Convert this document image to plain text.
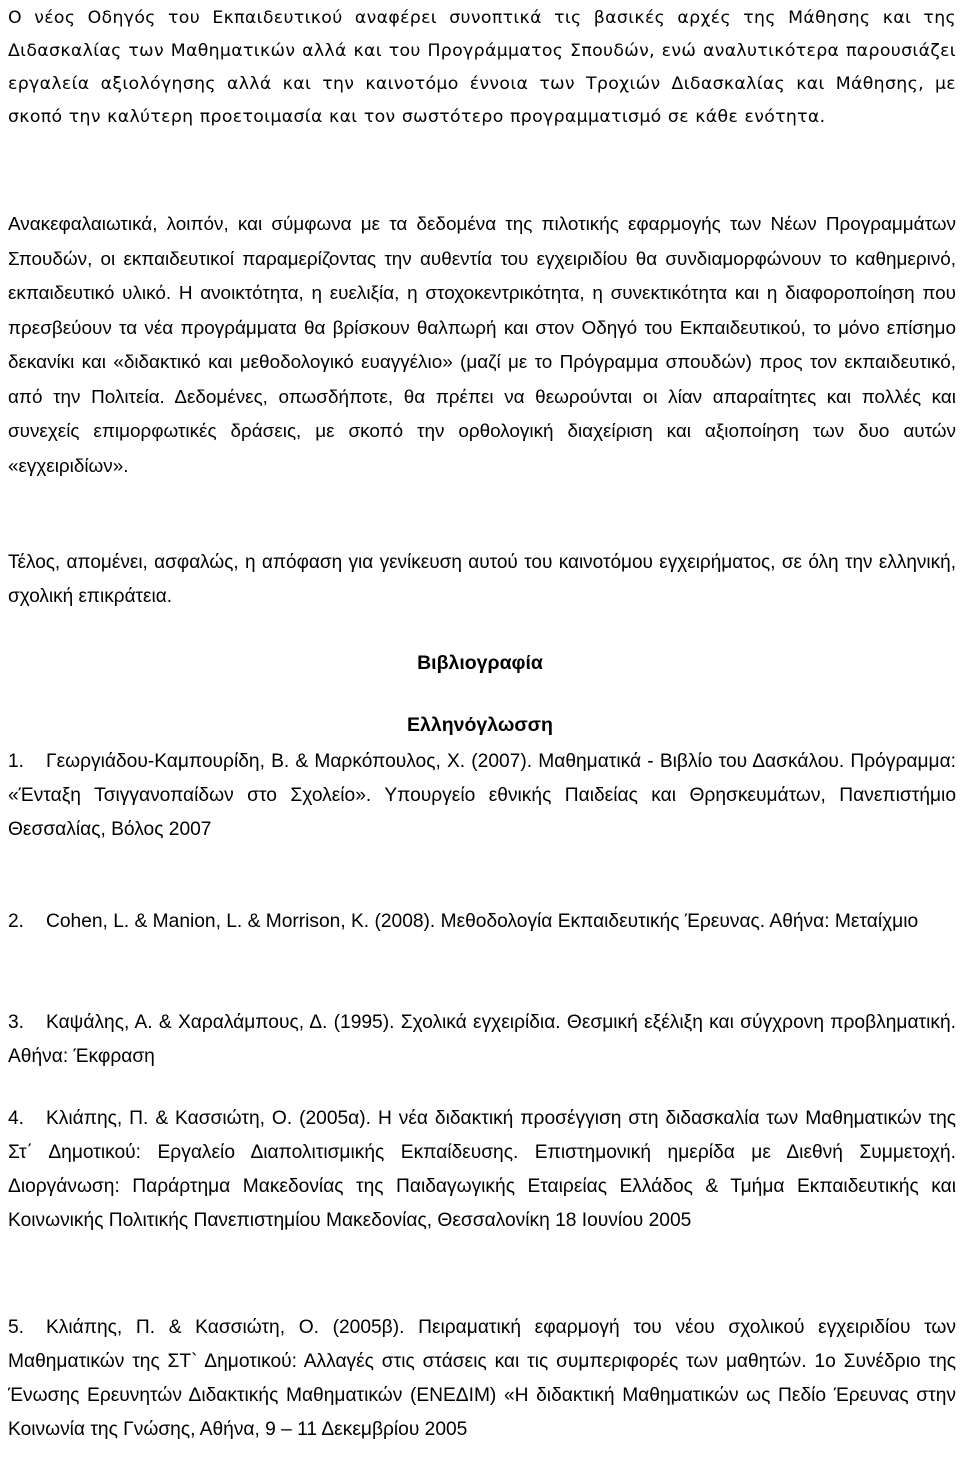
Ο νέος Οδηγός του Εκπαιδευτικού αναφέρει συνοπτικά τις βασικές αρχές της Μάθησης και της Διδασκαλίας των Μαθηματικών αλλά και του Προγράμματος Σπουδών, ενώ αναλυτικότερα παρουσιάζει εργαλεία αξιολόγησης αλλά και την καινοτόμο έννοια των Τροχιών Διδασκαλίας και Μάθησης, με σκοπό την καλύτερη προετοιμασία και τον σωστότερο προγραμματισμό σε κάθε ενότητα.

Ανακεφαλαιωτικά, λοιπόν, και σύμφωνα με τα δεδομένα της πιλοτικής εφαρμογής των Νέων Προγραμμάτων Σπουδών, οι εκπαιδευτικοί παραμερίζοντας την αυθεντία του εγχειριδίου θα συνδιαμορφώνουν το καθημερινό, εκπαιδευτικό υλικό. Η ανοικτότητα, η ευελιξία, η στοχοκεντρικότητα, η συνεκτικότητα και η διαφοροποίηση που πρεσβεύουν τα νέα προγράμματα θα βρίσκουν θαλπωρή και στον Οδηγό του Εκπαιδευτικού, το μόνο επίσημο δεκανίκι και «διδακτικό και μεθοδολογικό ευαγγέλιο» (μαζί με το Πρόγραμμα σπουδών) προς τον εκπαιδευτικό, από την Πολιτεία. Δεδομένες, οπωσδήποτε, θα πρέπει να θεωρούνται οι λίαν απαραίτητες και πολλές και συνεχείς επιμορφωτικές δράσεις, με σκοπό την ορθολογική διαχείριση και αξιοποίηση των δυο αυτών «εγχειριδίων».

Τέλος, απομένει, ασφαλώς, η απόφαση για γενίκευση αυτού του καινοτόμου εγχειρήματος, σε όλη την ελληνική, σχολική επικράτεια.

Βιβλιογραφία
Ελληνόγλωσση
1.	Γεωργιάδου-Καμπουρίδη, Β. & Μαρκόπουλος, Χ. (2007). Μαθηματικά - Βιβλίο του Δασκάλου. Πρόγραμμα: «Ένταξη Τσιγγανοπαίδων στο Σχολείο». Υπουργείο εθνικής Παιδείας και Θρησκευμάτων, Πανεπιστήμιο Θεσσαλίας, Βόλος 2007
2.	Cohen, L. & Manion, L. & Morrison, K. (2008). Μεθοδολογία Εκπαιδευτικής Έρευνας. Αθήνα: Μεταίχμιο
3.	Καψάλης, Α. & Χαραλάμπους, Δ. (1995). Σχολικά εγχειρίδια. Θεσμική εξέλιξη και σύγχρονη προβληματική. Αθήνα: Έκφραση
4.	Κλιάπης, Π. & Κασσιώτη, Ο. (2005α). Η νέα διδακτική προσέγγιση στη διδασκαλία των Μαθηματικών της Στ΄ Δημοτικού: Εργαλείο Διαπολιτισμικής Εκπαίδευσης. Επιστημονική ημερίδα με Διεθνή Συμμετοχή. Διοργάνωση: Παράρτημα Μακεδονίας της Παιδαγωγικής Εταιρείας Ελλάδος & Τμήμα Εκπαιδευτικής και Κοινωνικής Πολιτικής Πανεπιστημίου Μακεδονίας, Θεσσαλονίκη 18 Ιουνίου 2005
5.	Κλιάπης, Π. & Κασσιώτη, Ο. (2005β). Πειραματική εφαρμογή του νέου σχολικού εγχειριδίου των Μαθηματικών της ΣΤ` Δημοτικού: Αλλαγές στις στάσεις και τις συμπεριφορές των μαθητών. 1ο Συνέδριο της Ένωσης Ερευνητών Διδακτικής Μαθηματικών (ΕΝΕΔΙΜ) «Η διδακτική Μαθηματικών ως Πεδίο Έρευνας στην Κοινωνία της Γνώσης, Αθήνα, 9 – 11 Δεκεμβρίου 2005
